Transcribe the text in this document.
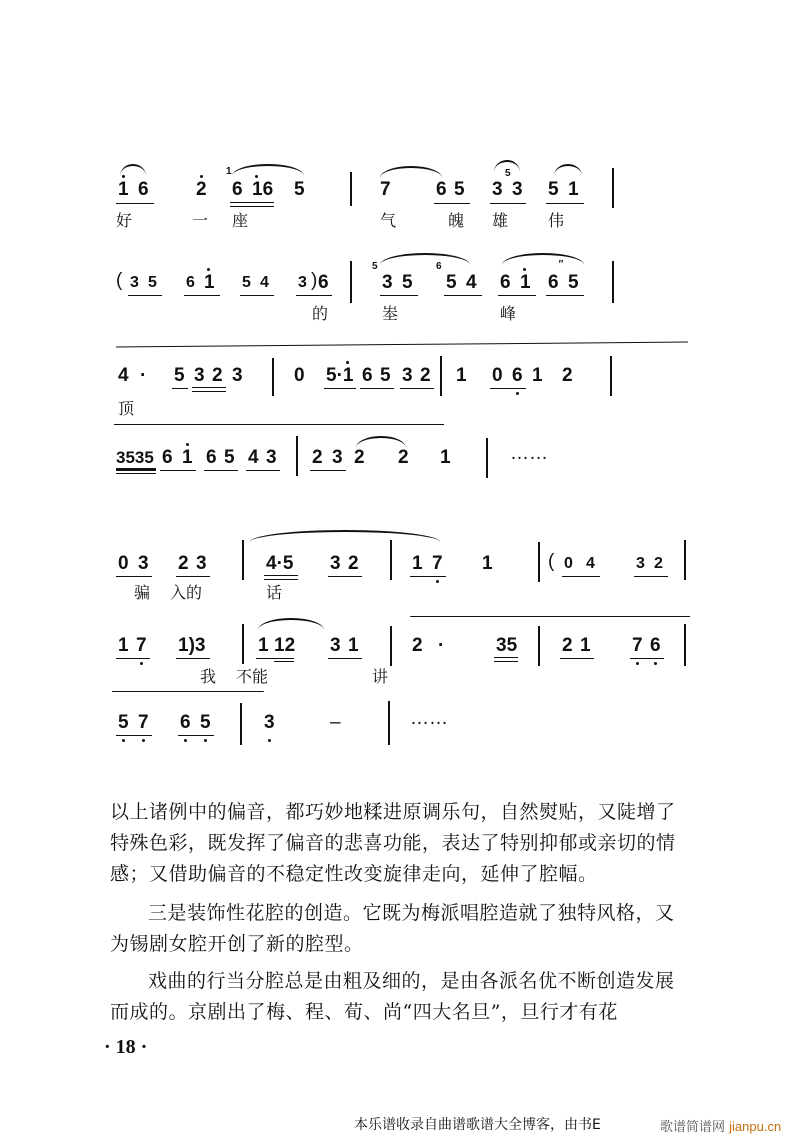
1 6 2
1
6 16 5	7 6 5
5
3 3 5 1
好	一 座	气	魄 雄 伟
( 3 5 6 1 5 4 3 ) 6
5
3 5
6
5 4 6 1
′′
6 5
的	峚	峰
4 · 5 3 2 3	0 5·1 6 5 3 2 1 0 6 1 2
顶
3535 6 1 6 5 4 3 2 3 2 2 1	……
0 3 2 3	4·5 3 2	1 7 1	( 0 4 3 2
骗 入的	话
1 7 1)3	1 12 3 1	2 ·	35 2 1 7 6
我 不能	讲
5 7 6 5	3	–	……
以上诸例中的偏音，都巧妙地糅进原调乐句，自然熨贴，又陡增了特殊色彩，既发挥了偏音的悲喜功能，表达了特别抑郁或亲切的情感；又借助偏音的不稳定性改变旋律走向，延伸了腔幅。
三是装饰性花腔的创造。它既为梅派唱腔造就了独特风格，又为锡剧女腔开创了新的腔型。
戏曲的行当分腔总是由粗及细的，是由各派名优不断创造发展而成的。京剧出了梅、程、荀、尚“四大名旦”，旦行才有花
· 18 ·
本乐谱收录自曲谱歌谱大全博客，由书E	歌谱简谱网 jianpu.cn
